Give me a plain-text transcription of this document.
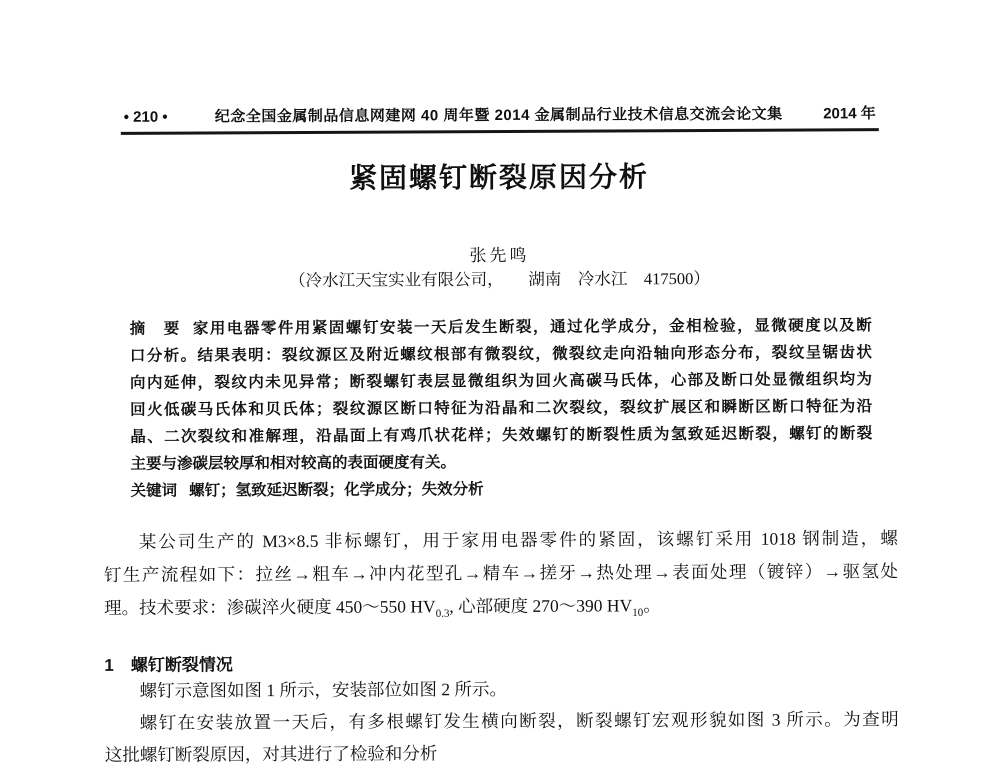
• 210 •	纪念全国金属制品信息网建网 40 周年暨 2014 金属制品行业技术信息交流会论文集	2014 年
紧固螺钉断裂原因分析
张先鸣
（冷水江天宝实业有限公司，　　湖南　冷水江　417500）
摘　要 家用电器零件用紧固螺钉安装一天后发生断裂，通过化学成分，金相检验，显微硬度以及断
口分析。结果表明：裂纹源区及附近螺纹根部有微裂纹，微裂纹走向沿轴向形态分布，裂纹呈锯齿状
向内延伸，裂纹内未见异常；断裂螺钉表层显微组织为回火高碳马氏体，心部及断口处显微组织均为
回火低碳马氏体和贝氏体；裂纹源区断口特征为沿晶和二次裂纹，裂纹扩展区和瞬断区断口特征为沿
晶、二次裂纹和准解理，沿晶面上有鸡爪状花样；失效螺钉的断裂性质为氢致延迟断裂，螺钉的断裂
主要与渗碳层较厚和相对较高的表面硬度有关。
关键词 螺钉；氢致延迟断裂；化学成分；失效分析
某公司生产的 M3×8.5 非标螺钉，用于家用电器零件的紧固，该螺钉采用 1018 钢制造，螺
钉生产流程如下：拉丝→粗车→冲内花型孔→精车→搓牙→热处理→表面处理（镀锌）→驱氢处
理。技术要求：渗碳淬火硬度 450～550 $HV_{0.3}$, 心部硬度 270～390 $HV_{10}$。
1　螺钉断裂情况
螺钉示意图如图 1 所示，安装部位如图 2 所示。
螺钉在安装放置一天后，有多根螺钉发生横向断裂，断裂螺钉宏观形貌如图 3 所示。为查明
这批螺钉断裂原因，对其进行了检验和分析
